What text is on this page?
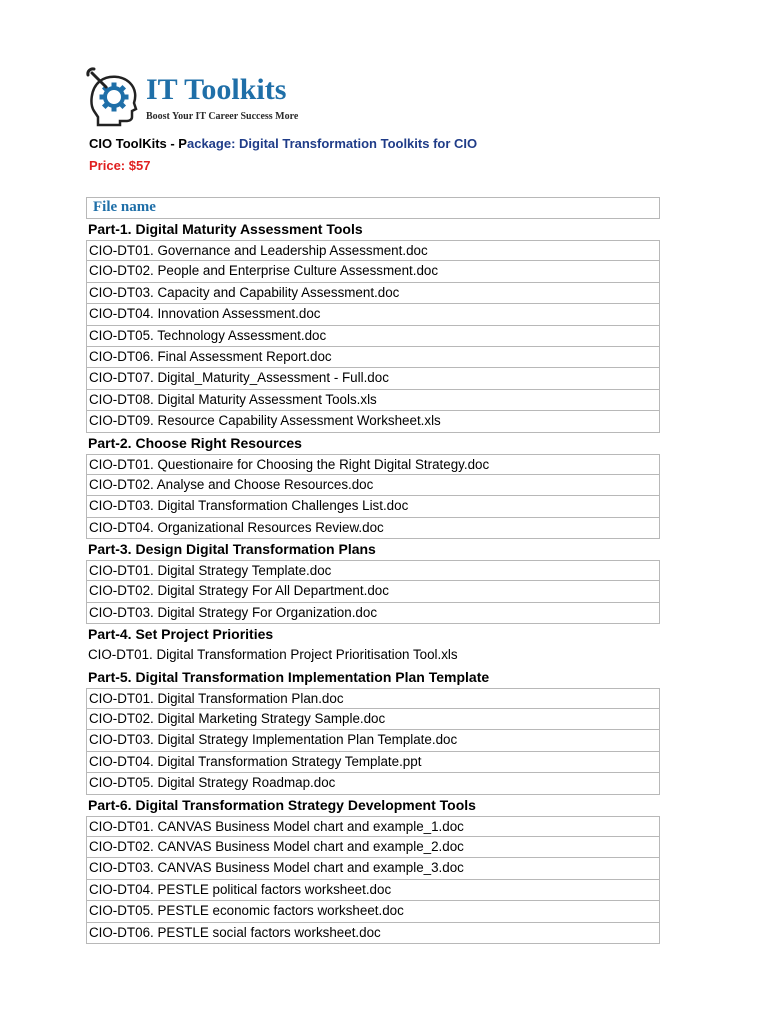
IT Toolkits
Boost Your IT Career Success More
CIO ToolKits - Package: Digital Transformation Toolkits for CIO
Price: $57
File name
Part-1. Digital Maturity Assessment Tools
CIO-DT01. Governance and Leadership Assessment.doc
CIO-DT02. People and Enterprise Culture Assessment.doc
CIO-DT03. Capacity and Capability Assessment.doc
CIO-DT04. Innovation Assessment.doc
CIO-DT05. Technology Assessment.doc
CIO-DT06. Final Assessment Report.doc
CIO-DT07. Digital_Maturity_Assessment - Full.doc
CIO-DT08. Digital Maturity Assessment Tools.xls
CIO-DT09. Resource Capability Assessment Worksheet.xls
Part-2. Choose Right Resources
CIO-DT01. Questionaire for Choosing the Right Digital Strategy.doc
CIO-DT02. Analyse and Choose Resources.doc
CIO-DT03. Digital Transformation Challenges List.doc
CIO-DT04. Organizational Resources Review.doc
Part-3. Design Digital Transformation Plans
CIO-DT01. Digital Strategy Template.doc
CIO-DT02. Digital Strategy For All Department.doc
CIO-DT03. Digital Strategy For Organization.doc
Part-4. Set Project Priorities
CIO-DT01. Digital Transformation Project Prioritisation Tool.xls
Part-5. Digital Transformation Implementation Plan Template
CIO-DT01. Digital Transformation Plan.doc
CIO-DT02. Digital Marketing Strategy Sample.doc
CIO-DT03. Digital Strategy Implementation Plan Template.doc
CIO-DT04. Digital Transformation Strategy Template.ppt
CIO-DT05. Digital Strategy Roadmap.doc
Part-6. Digital Transformation Strategy Development Tools
CIO-DT01. CANVAS Business Model chart and example_1.doc
CIO-DT02. CANVAS Business Model chart and example_2.doc
CIO-DT03. CANVAS Business Model chart and example_3.doc
CIO-DT04. PESTLE political factors worksheet.doc
CIO-DT05. PESTLE economic factors worksheet.doc
CIO-DT06. PESTLE social factors worksheet.doc
